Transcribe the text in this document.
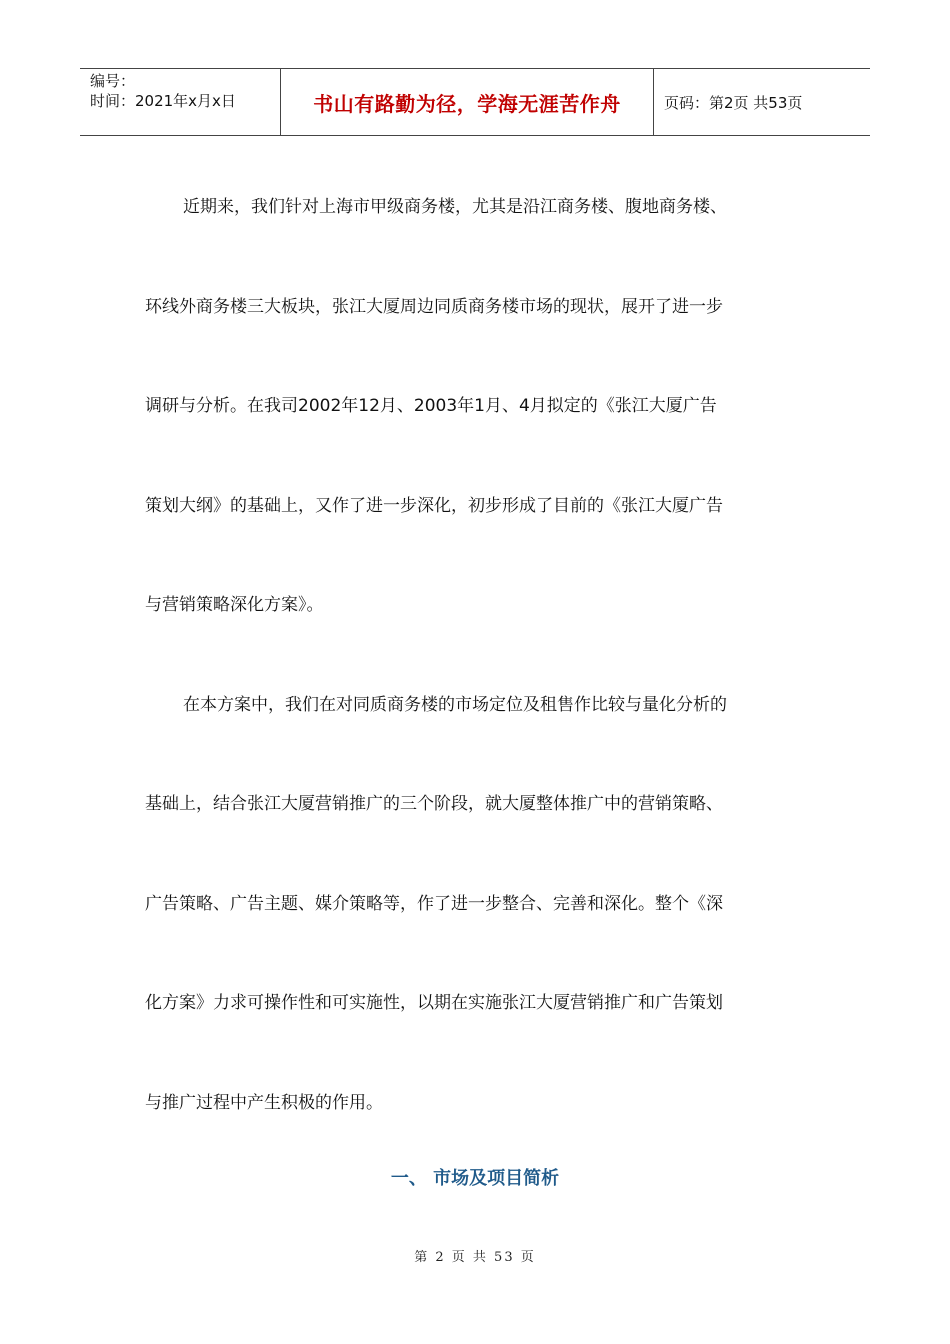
编号：
时间：2021年x月x日	书山有路勤为径，学海无涯苦作舟	页码：第2页 共53页

近期来，我们针对上海市甲级商务楼，尤其是沿江商务楼、腹地商务楼、

环线外商务楼三大板块，张江大厦周边同质商务楼市场的现状，展开了进一步

调研与分析。在我司2002年12月、2003年1月、4月拟定的《张江大厦广告

策划大纲》的基础上，又作了进一步深化，初步形成了目前的《张江大厦广告

与营销策略深化方案》。

在本方案中，我们在对同质商务楼的市场定位及租售作比较与量化分析的

基础上，结合张江大厦营销推广的三个阶段，就大厦整体推广中的营销策略、

广告策略、广告主题、媒介策略等，作了进一步整合、完善和深化。整个《深

化方案》力求可操作性和可实施性，以期在实施张江大厦营销推广和广告策划

与推广过程中产生积极的作用。

一、 市场及项目简析
第 2 页 共 53 页
